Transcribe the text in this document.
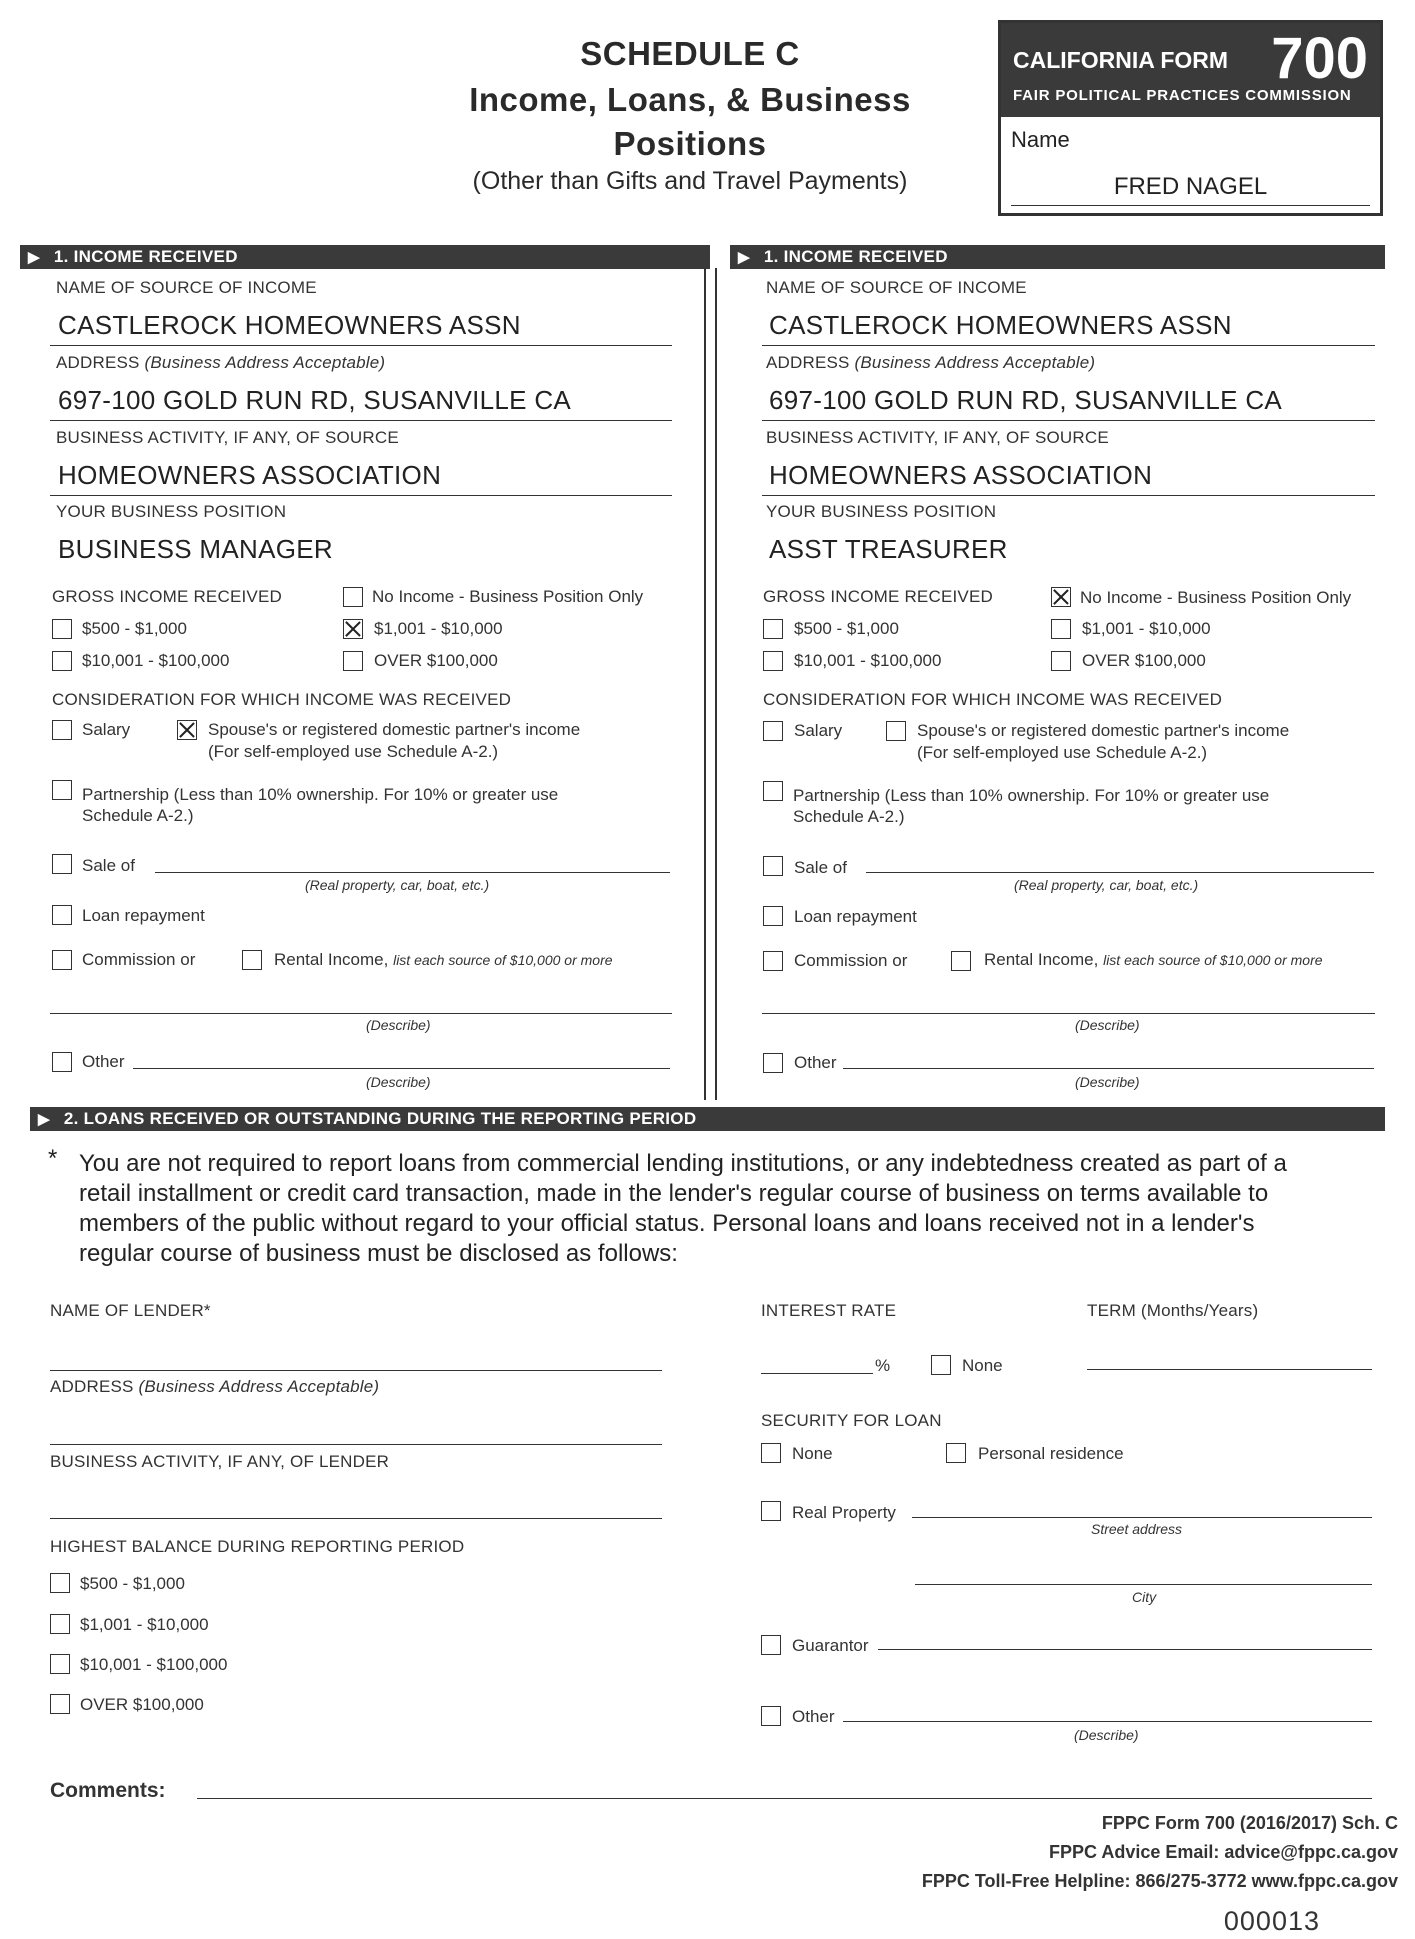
SCHEDULE C
Income, Loans, & Business
Positions
(Other than Gifts and Travel Payments)
CALIFORNIA FORM 700
FAIR POLITICAL PRACTICES COMMISSION
Name
FRED NAGEL
▶ 1. INCOME RECEIVED	▶ 1. INCOME RECEIVED
NAME OF SOURCE OF INCOME
CASTLEROCK HOMEOWNERS ASSN
ADDRESS (Business Address Acceptable)
697-100 GOLD RUN RD, SUSANVILLE CA
BUSINESS ACTIVITY, IF ANY, OF SOURCE
HOMEOWNERS ASSOCIATION
YOUR BUSINESS POSITION
BUSINESS MANAGER
GROSS INCOME RECEIVED	No Income - Business Position Only
$500 - $1,000	$1,001 - $10,000
$10,001 - $100,000	OVER $100,000
CONSIDERATION FOR WHICH INCOME WAS RECEIVED
Salary	Spouse's or registered domestic partner's income
(For self-employed use Schedule A-2.)
Partnership (Less than 10% ownership. For 10% or greater use
Schedule A-2.)
Sale of
(Real property, car, boat, etc.)
Loan repayment
Commission or	Rental Income, list each source of $10,000 or more
(Describe)
Other
(Describe)
NAME OF SOURCE OF INCOME
CASTLEROCK HOMEOWNERS ASSN
ADDRESS (Business Address Acceptable)
697-100 GOLD RUN RD, SUSANVILLE CA
BUSINESS ACTIVITY, IF ANY, OF SOURCE
HOMEOWNERS ASSOCIATION
YOUR BUSINESS POSITION
ASST TREASURER
GROSS INCOME RECEIVED	No Income - Business Position Only
$500 - $1,000	$1,001 - $10,000
$10,001 - $100,000	OVER $100,000
CONSIDERATION FOR WHICH INCOME WAS RECEIVED
Salary	Spouse's or registered domestic partner's income
(For self-employed use Schedule A-2.)
Partnership (Less than 10% ownership. For 10% or greater use
Schedule A-2.)
Sale of
(Real property, car, boat, etc.)
Loan repayment
Commission or	Rental Income, list each source of $10,000 or more
(Describe)
Other
(Describe)
▶ 2. LOANS RECEIVED OR OUTSTANDING DURING THE REPORTING PERIOD
* You are not required to report loans from commercial lending institutions, or any indebtedness created as part of a
retail installment or credit card transaction, made in the lender's regular course of business on terms available to
members of the public without regard to your official status. Personal loans and loans received not in a lender's
regular course of business must be disclosed as follows:
NAME OF LENDER*
ADDRESS (Business Address Acceptable)
BUSINESS ACTIVITY, IF ANY, OF LENDER
HIGHEST BALANCE DURING REPORTING PERIOD
$500 - $1,000
$1,001 - $10,000
$10,001 - $100,000
OVER $100,000
INTEREST RATE	TERM (Months/Years)
%	None
SECURITY FOR LOAN
None	Personal residence
Real Property
Street address
City
Guarantor
Other
(Describe)
Comments:
FPPC Form 700 (2016/2017) Sch. C
FPPC Advice Email: advice@fppc.ca.gov
FPPC Toll-Free Helpline: 866/275-3772 www.fppc.ca.gov
000013
